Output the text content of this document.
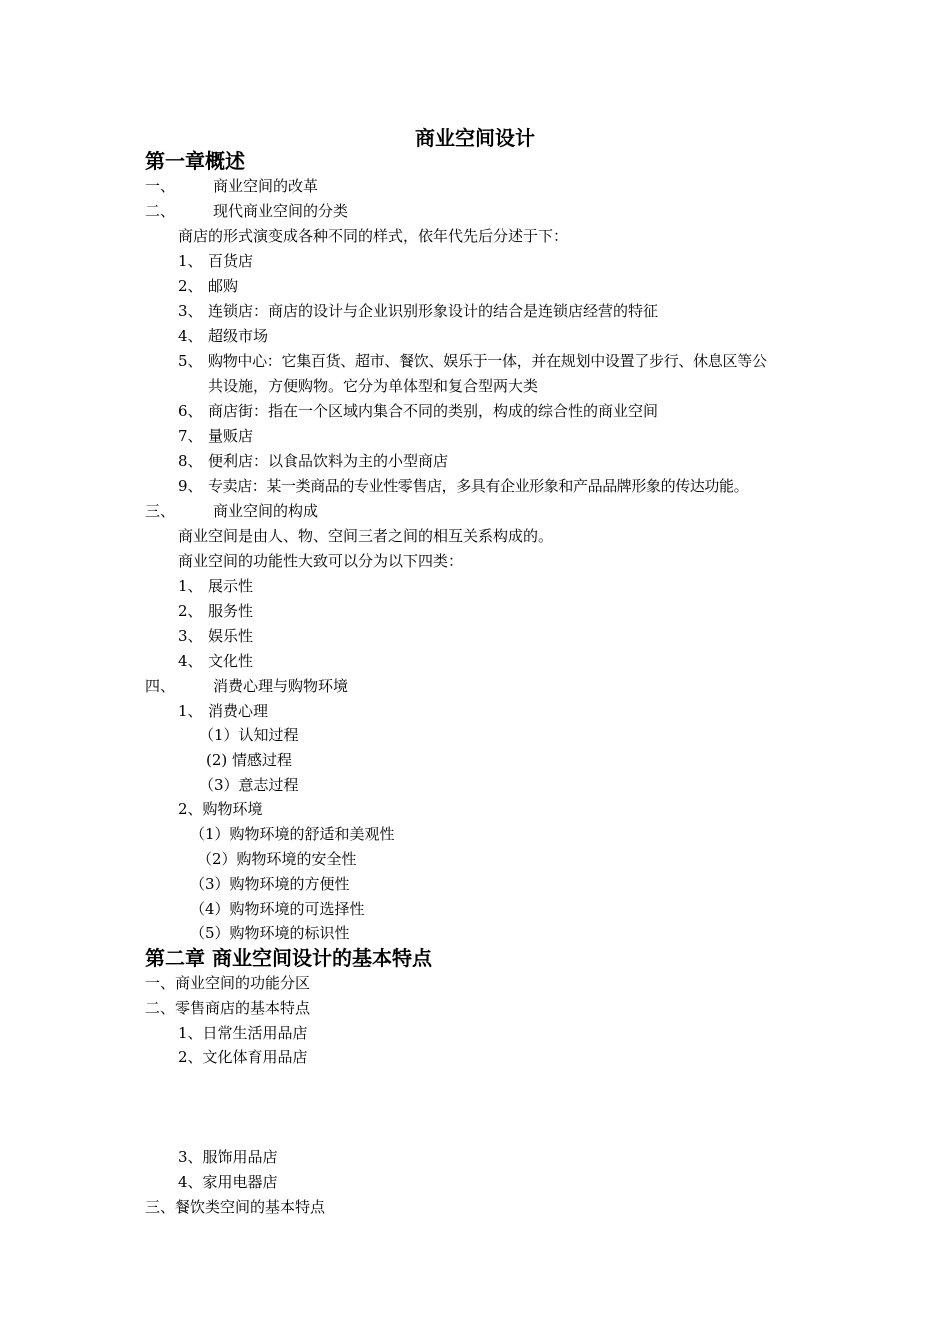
商业空间设计
第一章概述
一、	商业空间的改革
二、	现代商业空间的分类
商店的形式演变成各种不同的样式，依年代先后分述于下：
1、 百货店
2、 邮购
3、 连锁店：商店的设计与企业识别形象设计的结合是连锁店经营的特征
4、 超级市场
5、 购物中心：它集百货、超市、餐饮、娱乐于一体，并在规划中设置了步行、休息区等公
共设施，方便购物。它分为单体型和复合型两大类
6、 商店街：指在一个区域内集合不同的类别，构成的综合性的商业空间
7、 量贩店
8、 便利店：以食品饮料为主的小型商店
9、 专卖店：某一类商品的专业性零售店，多具有企业形象和产品品牌形象的传达功能。
三、	商业空间的构成
商业空间是由人、物、空间三者之间的相互关系构成的。
商业空间的功能性大致可以分为以下四类：
1、 展示性
2、 服务性
3、 娱乐性
4、 文化性
四、	消费心理与购物环境
1、 消费心理
（1）认知过程
(2) 情感过程
（3）意志过程
2、购物环境
（1）购物环境的舒适和美观性
（2）购物环境的安全性
（3）购物环境的方便性
（4）购物环境的可选择性
（5）购物环境的标识性
第二章 商业空间设计的基本特点
一、商业空间的功能分区
二、零售商店的基本特点
1、日常生活用品店
2、文化体育用品店
3、服饰用品店
4、家用电器店
三、餐饮类空间的基本特点
